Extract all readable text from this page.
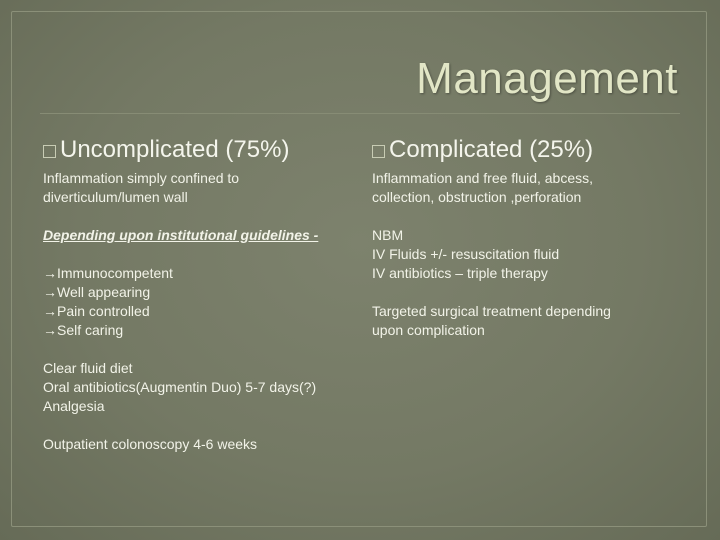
Management
Uncomplicated (75%)
Inflammation simply confined to
diverticulum/lumen wall
Depending upon institutional guidelines -
→Immunocompetent
→Well appearing
→Pain controlled
→Self caring
Clear fluid diet
Oral antibiotics(Augmentin Duo) 5-7 days(?)
Analgesia
Outpatient colonoscopy 4-6 weeks
Complicated (25%)
Inflammation and free fluid, abcess,
collection, obstruction ,perforation
NBM
IV Fluids +/- resuscitation fluid
IV antibiotics – triple therapy
Targeted surgical treatment depending
upon complication
